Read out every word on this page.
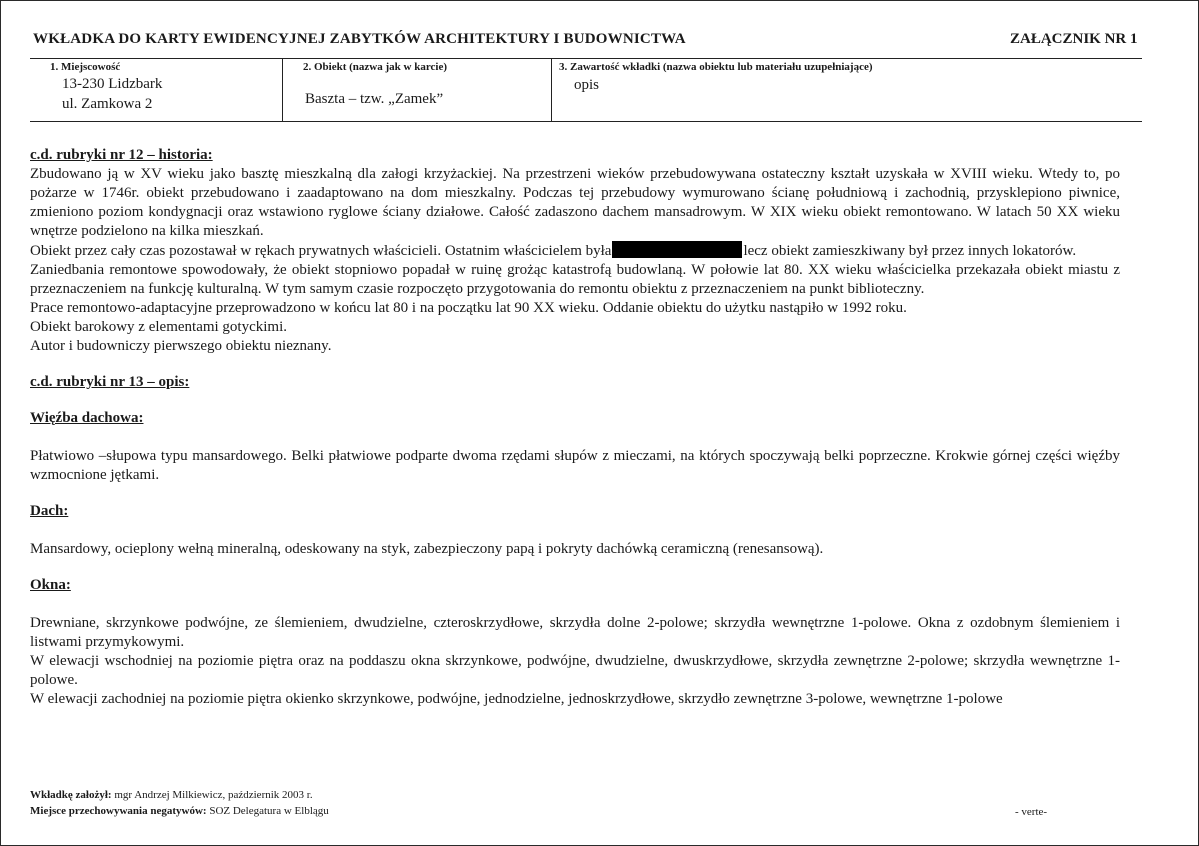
WKŁADKA DO KARTY EWIDENCYJNEJ ZABYTKÓW ARCHITEKTURY I BUDOWNICTWA	ZAŁĄCZNIK NR 1
1. Miejscowość
13-230 Lidzbark
ul. Zamkowa 2
2. Obiekt (nazwa jak w karcie)
Baszta – tzw. „Zamek”
3. Zawartość wkładki (nazwa obiektu lub materiału uzupełniające)
opis

c.d. rubryki nr 12 – historia:

Zbudowano ją w XV wieku jako basztę mieszkalną dla załogi krzyżackiej. Na przestrzeni wieków przebudowywana ostateczny kształt uzyskała w XVIII wieku. Wtedy to, po pożarze w 1746r. obiekt przebudowano i zaadaptowano na dom mieszkalny. Podczas tej przebudowy wymurowano ścianę południową i zachodnią, przysklepiono piwnice, zmieniono poziom kondygnacji oraz wstawiono ryglowe ściany działowe. Całość zadaszono dachem mansadrowym. W XIX wieku obiekt remontowano. W latach 50 XX wieku wnętrze podzielono na kilka mieszkań.

Obiekt przez cały czas pozostawał w rękach prywatnych właścicieli. Ostatnim właścicielem była	lecz obiekt zamieszkiwany był przez innych lokatorów.

Zaniedbania remontowe spowodowały, że obiekt stopniowo popadał w ruinę grożąc katastrofą budowlaną. W połowie lat 80. XX wieku właścicielka przekazała obiekt miastu z przeznaczeniem na funkcję kulturalną. W tym samym czasie rozpoczęto przygotowania do remontu obiektu z przeznaczeniem na punkt biblioteczny.

Prace remontowo-adaptacyjne przeprowadzono w końcu lat 80 i na początku lat 90 XX wieku. Oddanie obiektu do użytku nastąpiło w 1992 roku.

Obiekt barokowy z elementami gotyckimi.

Autor i budowniczy pierwszego obiektu nieznany.

c.d. rubryki nr 13 – opis:

Więźba dachowa:

Płatwiowo –słupowa typu mansardowego. Belki płatwiowe podparte dwoma rzędami słupów z mieczami, na których spoczywają belki poprzeczne. Krokwie górnej części więźby wzmocnione jętkami.

Dach:

Mansardowy, ocieplony wełną mineralną, odeskowany na styk, zabezpieczony papą i pokryty dachówką ceramiczną (renesansową).

Okna:

Drewniane, skrzynkowe podwójne, ze ślemieniem, dwudzielne, czteroskrzydłowe, skrzydła dolne 2-polowe; skrzydła wewnętrzne 1-polowe. Okna z ozdobnym ślemieniem i listwami przymykowymi.

W elewacji wschodniej na poziomie piętra oraz na poddaszu okna skrzynkowe, podwójne, dwudzielne, dwuskrzydłowe, skrzydła zewnętrzne 2-polowe; skrzydła wewnętrzne 1-polowe.

W elewacji zachodniej na poziomie piętra okienko skrzynkowe, podwójne, jednodzielne, jednoskrzydłowe, skrzydło zewnętrzne 3-polowe, wewnętrzne 1-polowe

Wkładkę założył: mgr Andrzej Milkiewicz, październik 2003 r.
Miejsce przechowywania negatywów: SOZ Delegatura w Elblągu	- verte-
